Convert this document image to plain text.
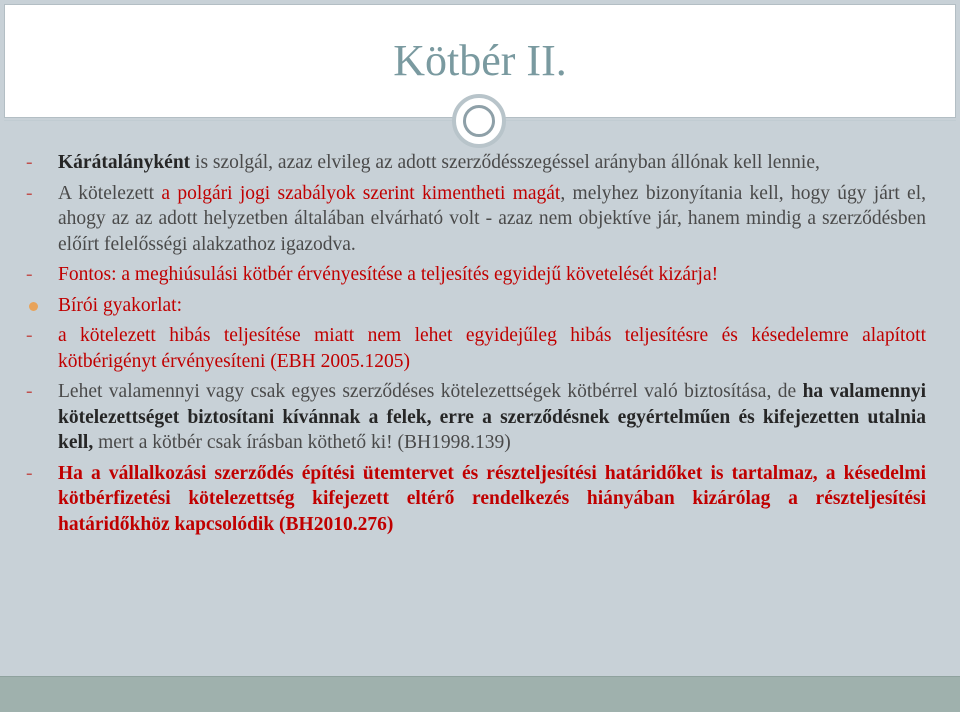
Kötbér II.
- Kárátalányként is szolgál, azaz elvileg az adott szerződésszegéssel arányban állónak kell lennie,
- A kötelezett a polgári jogi szabályok szerint kimentheti magát, melyhez bizonyítania kell, hogy úgy járt el, ahogy az az adott helyzetben általában elvárható volt - azaz nem objektíve jár, hanem mindig a szerződésben előírt felelősségi alakzathoz igazodva.
- Fontos: a meghiúsulási kötbér érvényesítése a teljesítés egyidejű követelését kizárja!
Bírói gyakorlat:
- a kötelezett hibás teljesítése miatt nem lehet egyidejűleg hibás teljesítésre és késedelemre alapított kötbérigényt érvényesíteni (EBH 2005.1205)
- Lehet valamennyi vagy csak egyes szerződéses kötelezettségek kötbérrel való biztosítása, de ha valamennyi kötelezettséget biztosítani kívánnak a felek, erre a szerződésnek egyértelműen és kifejezetten utalnia kell, mert a kötbér csak írásban köthető ki! (BH1998.139)
- Ha a vállalkozási szerződés építési ütemtervet és részteljesítési határidőket is tartalmaz, a késedelmi kötbérfizetési kötelezettség kifejezett eltérő rendelkezés hiányában kizárólag a részteljesítési határidőkhöz kapcsolódik (BH2010.276)
